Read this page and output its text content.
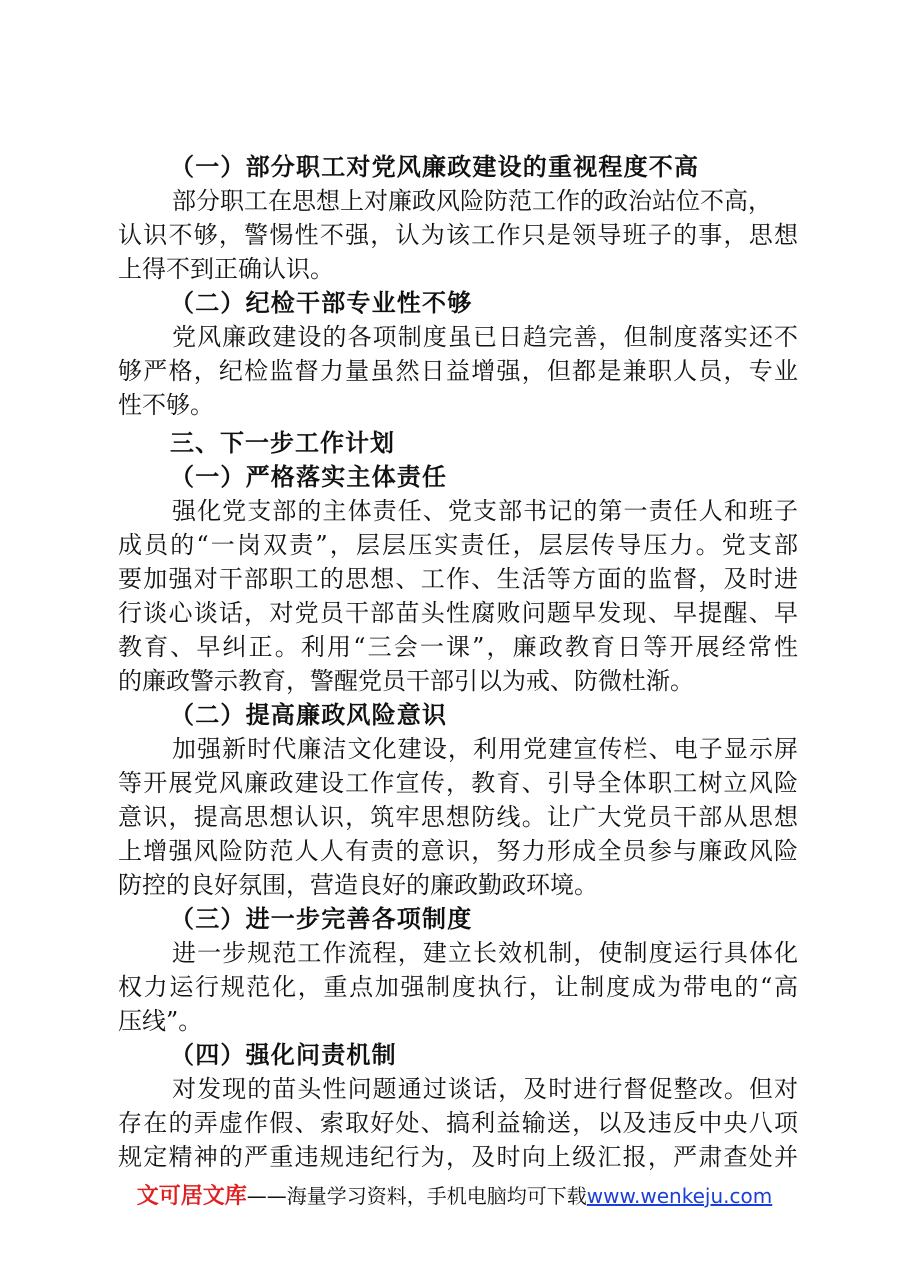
（一）部分职工对党风廉政建设的重视程度不高
部分职工在思想上对廉政风险防范工作的政治站位不高，
认识不够，警惕性不强，认为该工作只是领导班子的事，思想
上得不到正确认识。
（二）纪检干部专业性不够
党风廉政建设的各项制度虽已日趋完善，但制度落实还不
够严格，纪检监督力量虽然日益增强，但都是兼职人员，专业
性不够。
三、下一步工作计划
（一）严格落实主体责任
强化党支部的主体责任、党支部书记的第一责任人和班子
成员的“一岗双责”，层层压实责任，层层传导压力。党支部
要加强对干部职工的思想、工作、生活等方面的监督，及时进
行谈心谈话，对党员干部苗头性腐败问题早发现、早提醒、早
教育、早纠正。利用“三会一课”，廉政教育日等开展经常性
的廉政警示教育，警醒党员干部引以为戒、防微杜渐。
（二）提高廉政风险意识
加强新时代廉洁文化建设，利用党建宣传栏、电子显示屏
等开展党风廉政建设工作宣传，教育、引导全体职工树立风险
意识，提高思想认识，筑牢思想防线。让广大党员干部从思想
上增强风险防范人人有责的意识，努力形成全员参与廉政风险
防控的良好氛围，营造良好的廉政勤政环境。
（三）进一步完善各项制度
进一步规范工作流程，建立长效机制，使制度运行具体化
权力运行规范化，重点加强制度执行，让制度成为带电的“高
压线”。
（四）强化问责机制
对发现的苗头性问题通过谈话，及时进行督促整改。但对
存在的弄虚作假、索取好处、搞利益输送，以及违反中央八项
规定精神的严重违规违纪行为，及时向上级汇报，严肃查处并
文可居文库——海量学习资料，手机电脑均可下载www.wenkeju.com
